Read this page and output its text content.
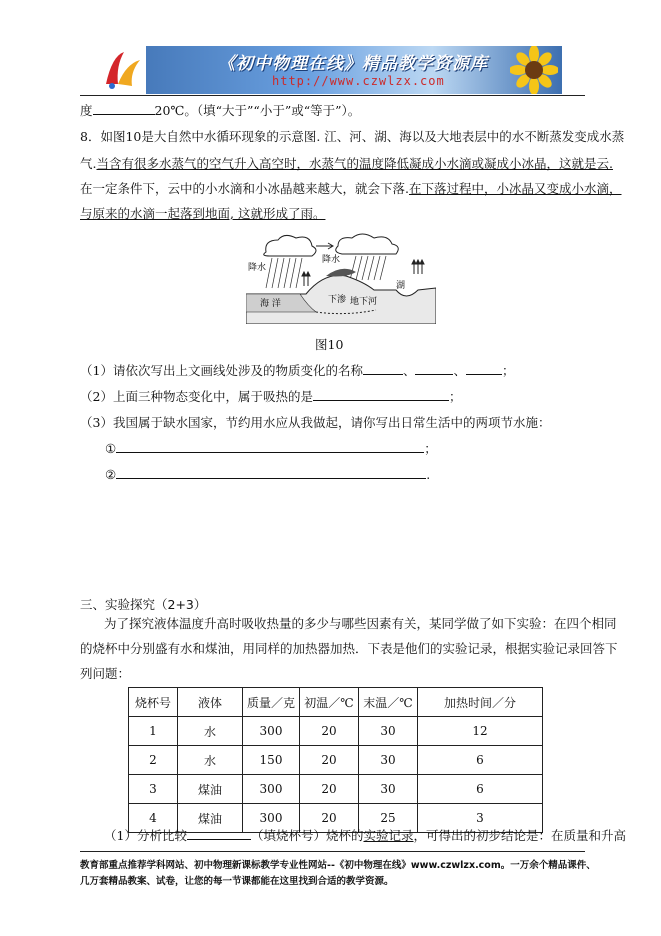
《初中物理在线》精品教学资源库
http://www.czwlzx.com
度	20℃。（填“大于”“小于”或“等于”）。
8．如图10是大自然中水循环现象的示意图. 江、河、湖、海以及大地表层中的水不断蒸发变成水蒸
气.当含有很多水蒸气的空气升入高空时，水蒸气的温度降低凝成小水滴或凝成小冰晶，这就是云.
在一定条件下，云中的小水滴和小冰晶越来越大，就会下落.在下落过程中，小冰晶又变成小水滴，
与原来的水滴一起落到地面, 这就形成了雨。
降水
降水
海 洋	下渗 地下河
湖
图10
（1）请依次写出上文画线处涉及的物质变化的名称	、	、	；
（2）上面三种物态变化中，属于吸热的是	；
（3）我国属于缺水国家，节约用水应从我做起，请你写出日常生活中的两项节水施：
①	；
②	.
三、实验探究（2+3）
为了探究液体温度升高时吸收热量的多少与哪些因素有关，某同学做了如下实验：在四个相同
的烧杯中分别盛有水和煤油，用同样的加热器加热．下表是他们的实验记录，根据实验记录回答下
列问题：
烧杯号	液体	质量／克	初温／℃	末温／℃	加热时间／分
1	水	300	20	30	12
2	水	150	20	30	6
3	煤油	300	20	30	6
4	煤油	300	20	25	3
（1）分析比较	（填烧杯号）烧杯的实验记录，可得出的初步结论是：在质量和升高
教育部重点推荐学科网站、初中物理新课标教学专业性网站--《初中物理在线》www.czwlzx.com。一万余个精品课件、
几万套精品教案、试卷，让您的每一节课都能在这里找到合适的教学资源。
